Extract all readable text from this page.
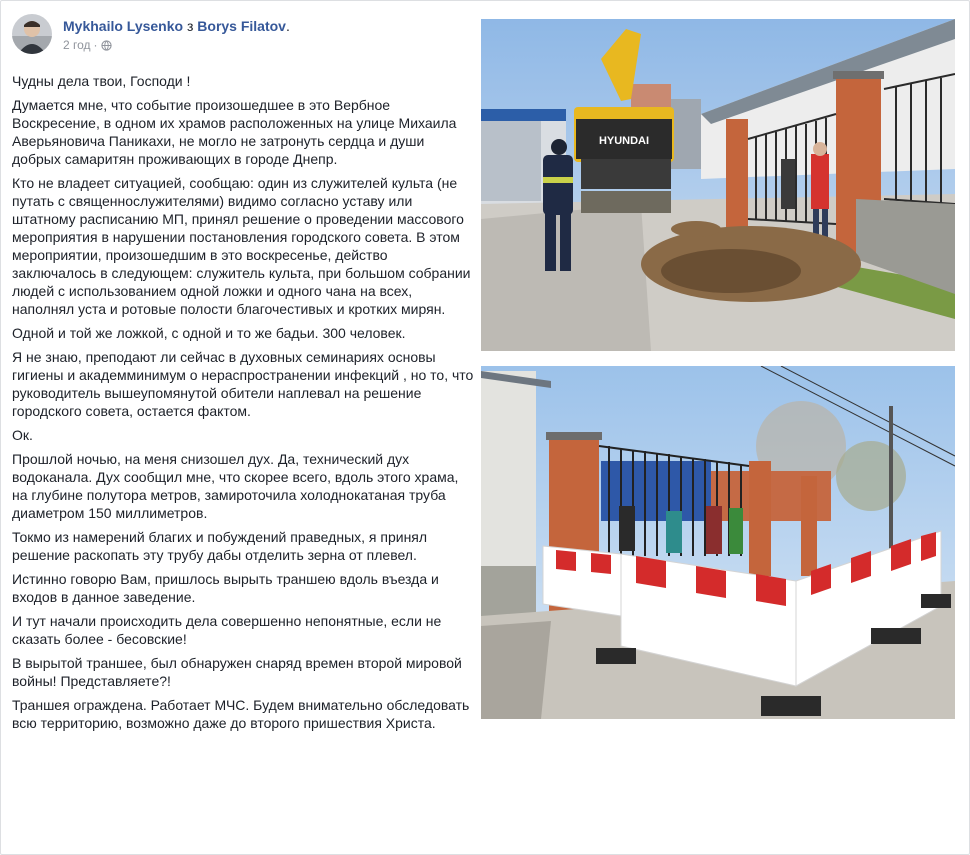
Mykhailo Lysenko з Borys Filatov.
2 год ·

Чудны дела твои, Господи !

Думается мне, что событие произошедшее в это Вербное Воскресение, в одном их храмов расположенных на улице Михаила Аверьяновича Паникахи, не могло не затронуть сердца и души добрых самаритян проживающих в городе Днепр.

Кто не владеет ситуацией, сообщаю: один из служителей культа (не путать с священнослужителями) видимо согласно уставу или штатному расписанию МП, принял решение о проведении массового мероприятия в нарушении постановления городского совета. В этом мероприятии, произошедшим в это воскресенье, действо заключалось в следующем: служитель культа, при большом собрании людей с использованием одной ложки и одного чана на всех, наполнял уста и ротовые полости благочестивых и кротких мирян.

Одной и той же ложкой, с одной и то же бадьи. 300 человек.

Я не знаю, преподают ли сейчас в духовных семинариях основы гигиены и академминимум о нераспространении инфекций , но то, что руководитель вышеупомянутой обители наплевал на решение городского совета, остается фактом.

Ок.

Прошлой ночью, на меня снизошел дух. Да, технический дух водоканала. Дух сообщил мне, что скорее всего, вдоль этого храма, на глубине полутора метров, замироточила холоднокатаная труба диаметром 150 миллиметров.

Токмо из намерений благих и побуждений праведных, я принял решение раскопать эту трубу дабы отделить зерна от плевел.

Истинно говорю Вам, пришлось вырыть траншею вдоль въезда и входов в данное заведение.

И тут начали происходить дела совершенно непонятные, если не сказать более - бесовские!

В вырытой траншее, был обнаружен снаряд времен второй мировой войны! Представляете?!

Траншея ограждена. Работает МЧС. Будем внимательно обследовать всю территорию, возможно даже до второго пришествия Христа.

HYUNDAI
